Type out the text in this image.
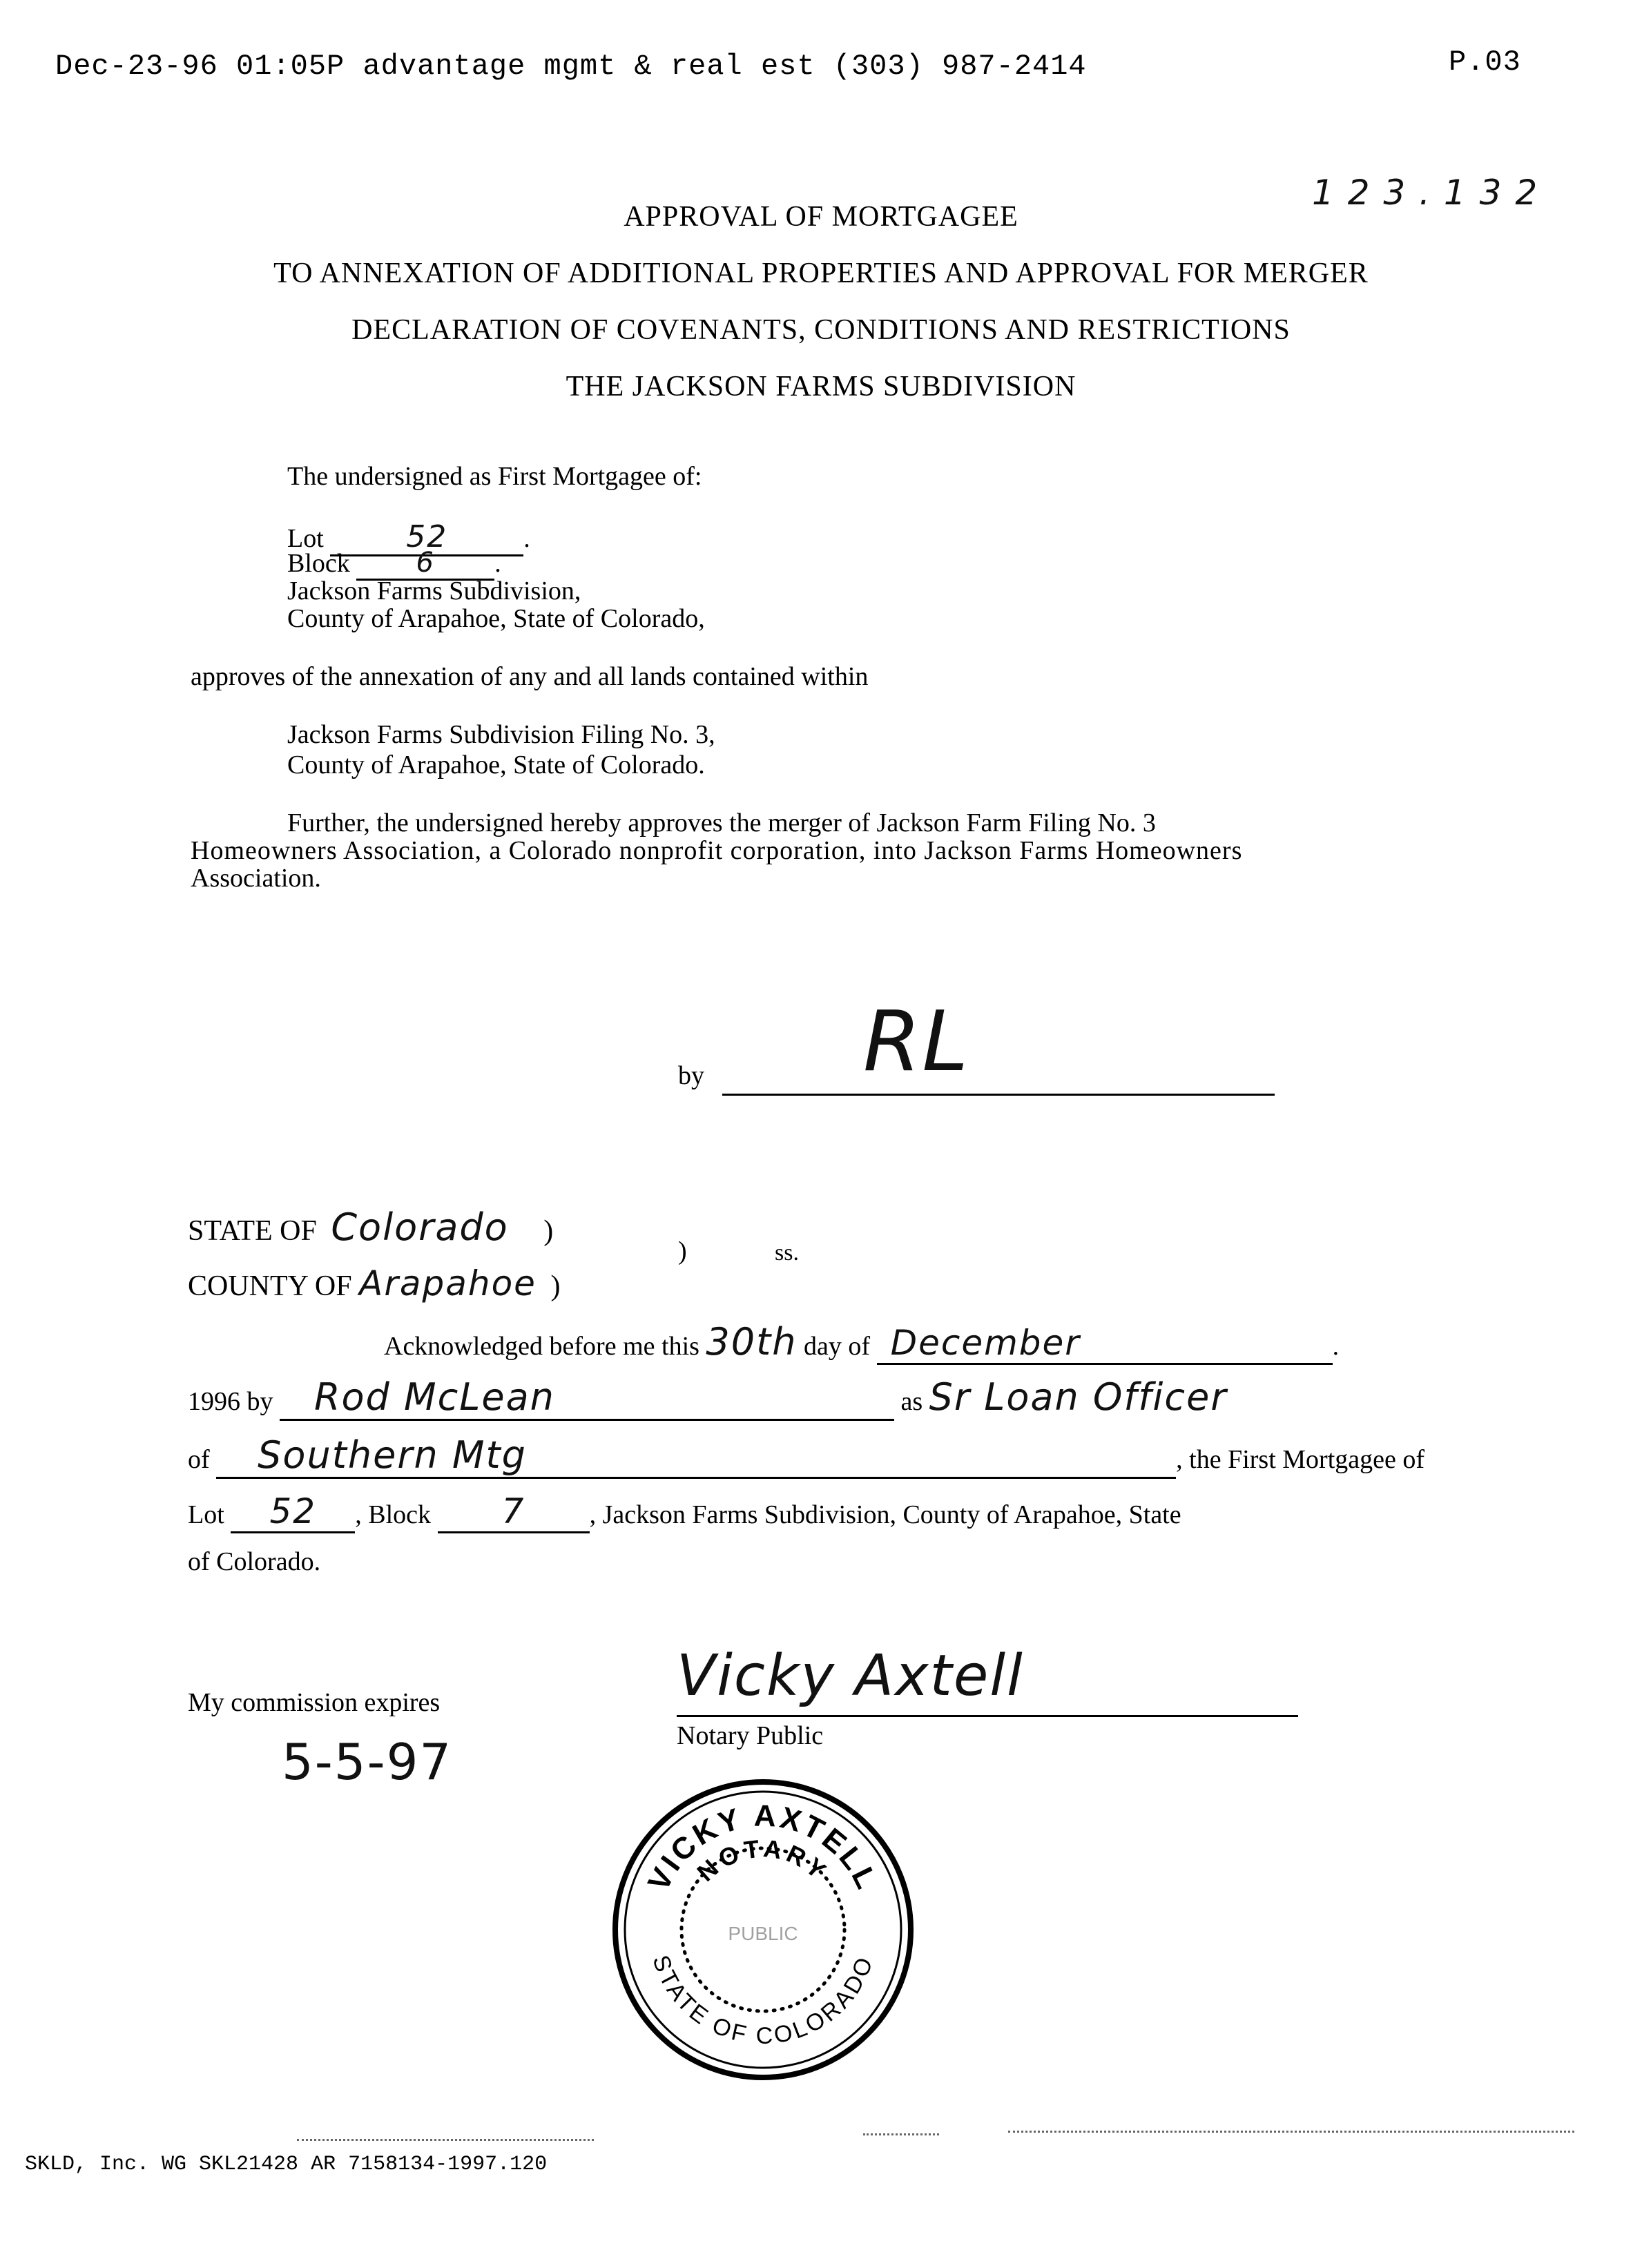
Dec-23-96 01:05P advantage mgmt & real est (303) 987-2414	P.03
1 2 3 . 1 3 2
APPROVAL OF MORTGAGEE
TO ANNEXATION OF ADDITIONAL PROPERTIES AND APPROVAL FOR MERGER
DECLARATION OF COVENANTS, CONDITIONS AND RESTRICTIONS
THE JACKSON FARMS SUBDIVISION
The undersigned as First Mortgagee of:
Lot	52	.
Block 6 .
Jackson Farms Subdivision,
County of Arapahoe, State of Colorado,
approves of the annexation of any and all lands contained within
Jackson Farms Subdivision Filing No. 3,
County of Arapahoe, State of Colorado.
Further, the undersigned hereby approves the merger of Jackson Farm Filing No. 3
Homeowners Association, a Colorado nonprofit corporation, into Jackson Farms Homeowners
Association.
by RL
STATE OF Colorado )
)	ss.
COUNTY OF Arapahoe )
Acknowledged before me this 30th day of December	.
1996 by Rod McLean	as Sr Loan Officer
of Southern Mtg	, the First Mortgagee of
Lot 52 , Block 7 , Jackson Farms Subdivision, County of Arapahoe, State
of Colorado.
My commission expires
5-5-97
Vicky Axtell
Notary Public
VICKY AXTELL
NOTARY
PUBLIC
STATE OF COLORADO
SKLD, Inc. WG SKL21428 AR 7158134-1997.120
